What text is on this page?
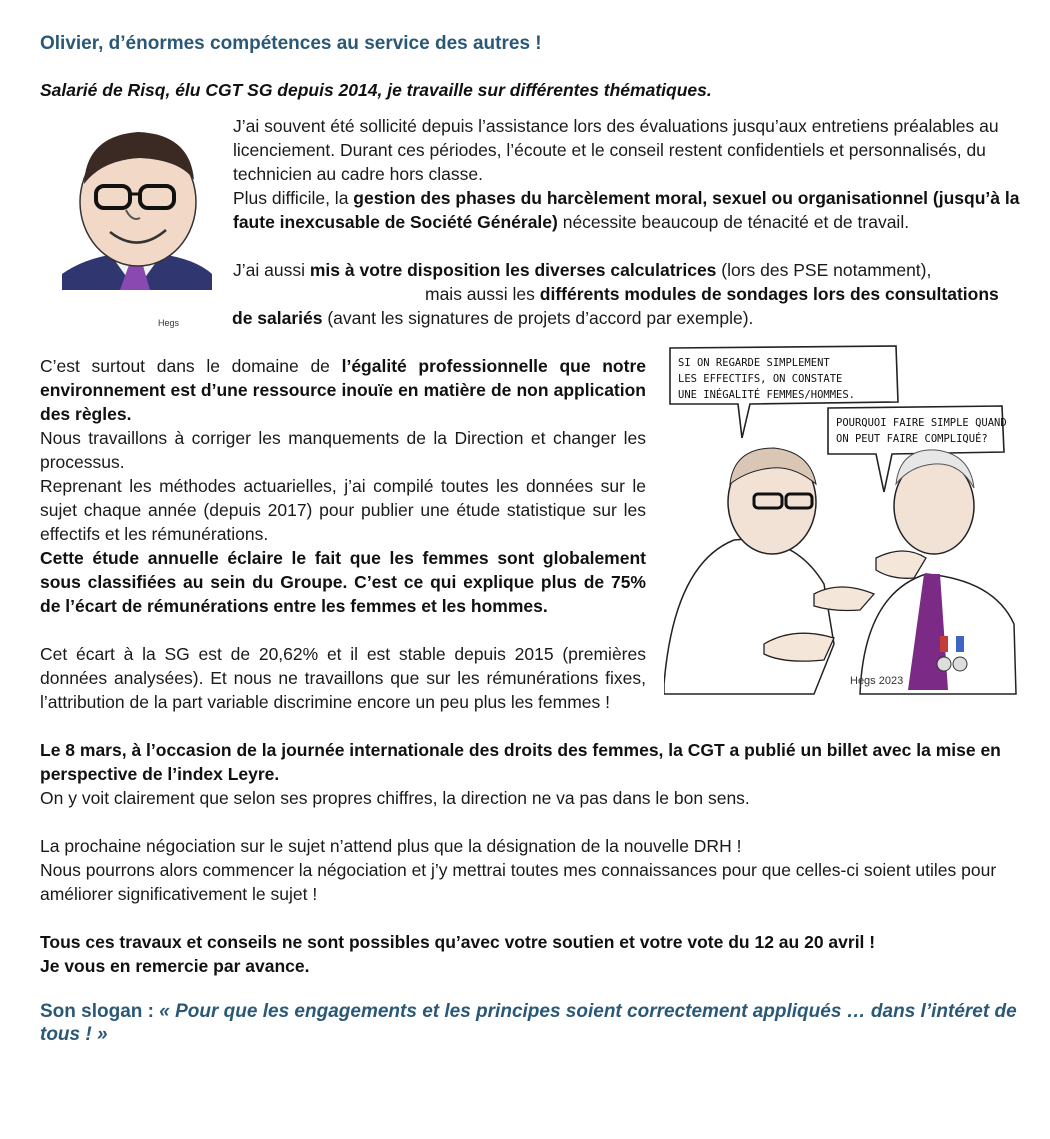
Olivier, d’énormes compétences au service des autres !

Salarié de Risq, élu CGT SG depuis 2014, je travaille sur différentes thématiques.

Hegs

J’ai souvent été sollicité depuis l’assistance lors des évaluations jusqu’aux entretiens préalables au licenciement. Durant ces périodes, l’écoute et le conseil restent confidentiels et personnalisés, du technicien au cadre hors classe.
Plus difficile, la gestion des phases du harcèlement moral, sexuel ou organisationnel (jusqu’à la faute inexcusable de Société Générale) nécessite beaucoup de ténacité et de travail.

J’ai aussi mis à votre disposition les diverses calculatrices (lors des PSE notamment),

mais aussi les différents modules de sondages lors des consultations de salariés (avant les signatures de projets d’accord par exemple).

SI ON REGARDE SIMPLEMENT LES EFFECTIFS, ON CONSTATE UNE INÉGALITÉ FEMMES/HOMMES.
POURQUOI FAIRE SIMPLE QUAND ON PEUT FAIRE COMPLIQUÉ?
Hegs 2023

C’est surtout dans le domaine de l’égalité professionnelle que notre environnement est d’une ressource inouïe en matière de non application des règles.
Nous travaillons à corriger les manquements de la Direction et changer les processus.
Reprenant les méthodes actuarielles, j’ai compilé toutes les données sur le sujet chaque année (depuis 2017) pour publier une étude statistique sur les effectifs et les rémunérations.
Cette étude annuelle éclaire le fait que les femmes sont globalement sous classifiées au sein du Groupe. C’est ce qui explique plus de 75% de l’écart de rémunérations entre les femmes et les hommes.

Cet écart à la SG est de 20,62% et il est stable depuis 2015 (premières données analysées). Et nous ne travaillons que sur les rémunérations fixes, l’attribution de la part variable discrimine encore un peu plus les femmes !

Le 8 mars, à l’occasion de la journée internationale des droits des femmes, la CGT a publié un billet avec la mise en perspective de l’index Leyre.
On y voit clairement que selon ses propres chiffres, la direction ne va pas dans le bon sens.

La prochaine négociation sur le sujet n’attend plus que la désignation de la nouvelle DRH !
Nous pourrons alors commencer la négociation et j’y mettrai toutes mes connaissances pour que celles-ci soient utiles pour améliorer significativement le sujet !

Tous ces travaux et conseils ne sont possibles qu’avec votre soutien et votre vote du 12 au 20 avril !
Je vous en remercie par avance.

Son slogan : « Pour que les engagements et les principes soient correctement appliqués … dans l’intéret de tous ! »
